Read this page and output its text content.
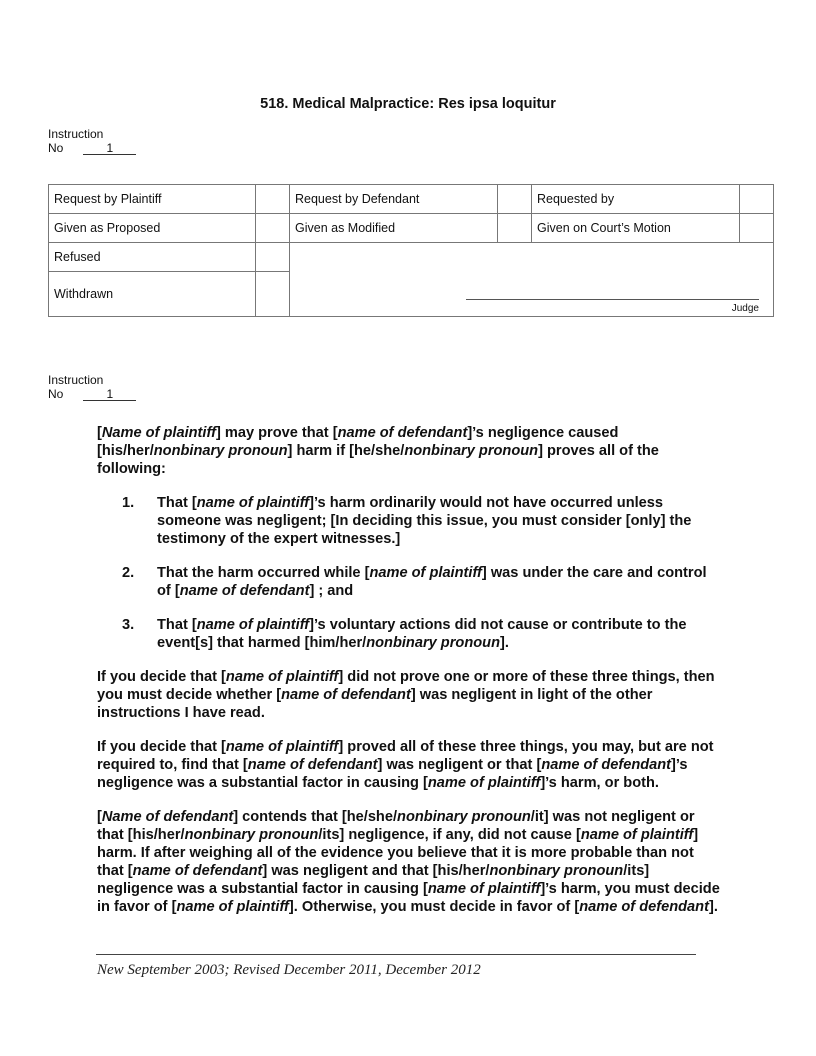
518. Medical Malpractice: Res ipsa loquitur
Instruction
No	1
Request by Plaintiff		Request by Defendant		Requested by	
Given as Proposed		Given as Modified		Given on Court’s Motion	
Refused		Judge			

Withdrawn					
Instruction
No	1

[Name of plaintiff] may prove that [name of defendant]’s negligence caused [his/her/nonbinary pronoun] harm if [he/she/nonbinary pronoun] proves all of the following:

1.	That [name of plaintiff]’s harm ordinarily would not have occurred unless someone was negligent; [In deciding this issue, you must consider [only] the testimony of the expert witnesses.]
2.	That the harm occurred while [name of plaintiff] was under the care and control of [name of defendant] ; and
3.	That [name of plaintiff]’s voluntary actions did not cause or contribute to the event[s] that harmed [him/her/nonbinary pronoun].

If you decide that [name of plaintiff] did not prove one or more of these three things, then you must decide whether [name of defendant] was negligent in light of the other instructions I have read.

If you decide that [name of plaintiff] proved all of these three things, you may, but are not required to, find that [name of defendant] was negligent or that [name of defendant]’s negligence was a substantial factor in causing [name of plaintiff]’s harm, or both.

[Name of defendant] contends that [he/she/nonbinary pronoun/it] was not negligent or that [his/her/nonbinary pronoun/its] negligence, if any, did not cause [name of plaintiff] harm. If after weighing all of the evidence you believe that it is more probable than not that [name of defendant] was negligent and that [his/her/nonbinary pronoun/its] negligence was a substantial factor in causing [name of plaintiff]’s harm, you must decide in favor of [name of plaintiff]. Otherwise, you must decide in favor of [name of defendant].

New September 2003; Revised December 2011, December 2012
